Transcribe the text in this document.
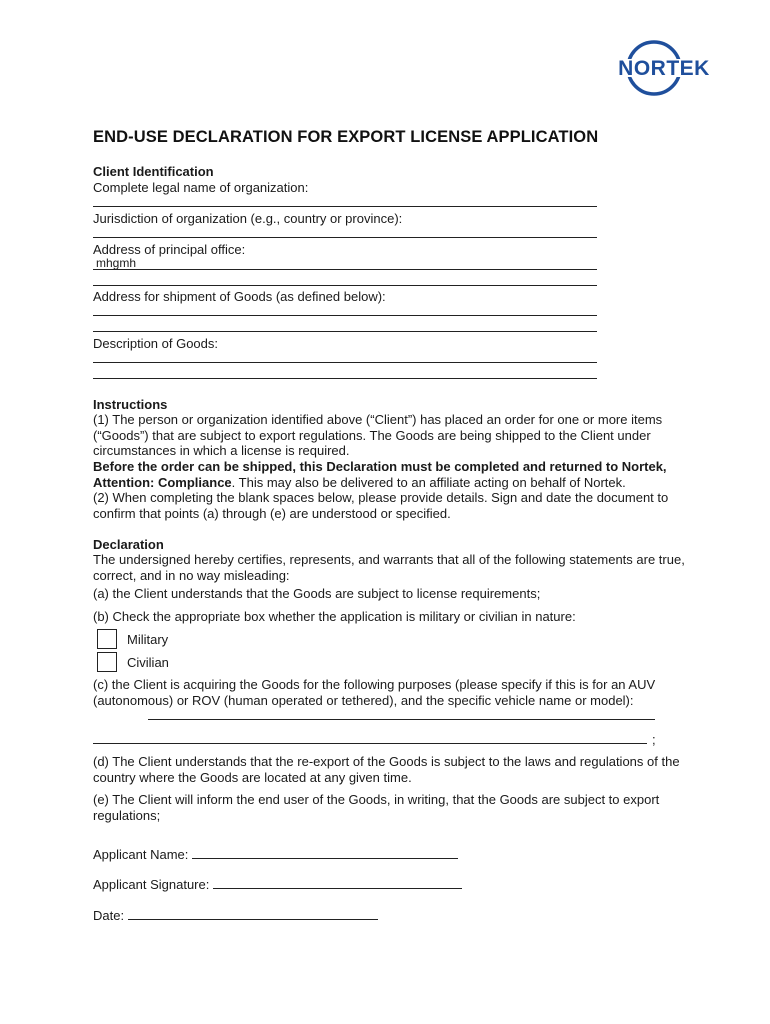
NORTEK
END-USE DECLARATION FOR EXPORT LICENSE APPLICATION
Client Identification
Complete legal name of organization:
Jurisdiction of organization (e.g., country or province):
Address of principal office:
mhgmh
Address for shipment of Goods (as defined below):
Description of Goods:
Instructions
(1) The person or organization identified above (“Client”) has placed an order for one or more items (“Goods”) that are subject to export regulations. The Goods are being shipped to the Client under circumstances in which a license is required.
Before the order can be shipped, this Declaration must be completed and returned to Nortek, Attention: Compliance. This may also be delivered to an affiliate acting on behalf of Nortek.
(2) When completing the blank spaces below, please provide details. Sign and date the document to confirm that points (a) through (e) are understood or specified.
Declaration
The undersigned hereby certifies, represents, and warrants that all of the following statements are true, correct, and in no way misleading:
(a) the Client understands that the Goods are subject to license requirements;
(b) Check the appropriate box whether the application is military or civilian in nature:
Military
Civilian
(c) the Client is acquiring the Goods for the following purposes (please specify if this is for an AUV (autonomous) or ROV (human operated or tethered), and the specific vehicle name or model):
;
(d) The Client understands that the re-export of the Goods is subject to the laws and regulations of the country where the Goods are located at any given time.
(e) The Client will inform the end user of the Goods, in writing, that the Goods are subject to export regulations;
Applicant Name:
Applicant Signature:
Date:
